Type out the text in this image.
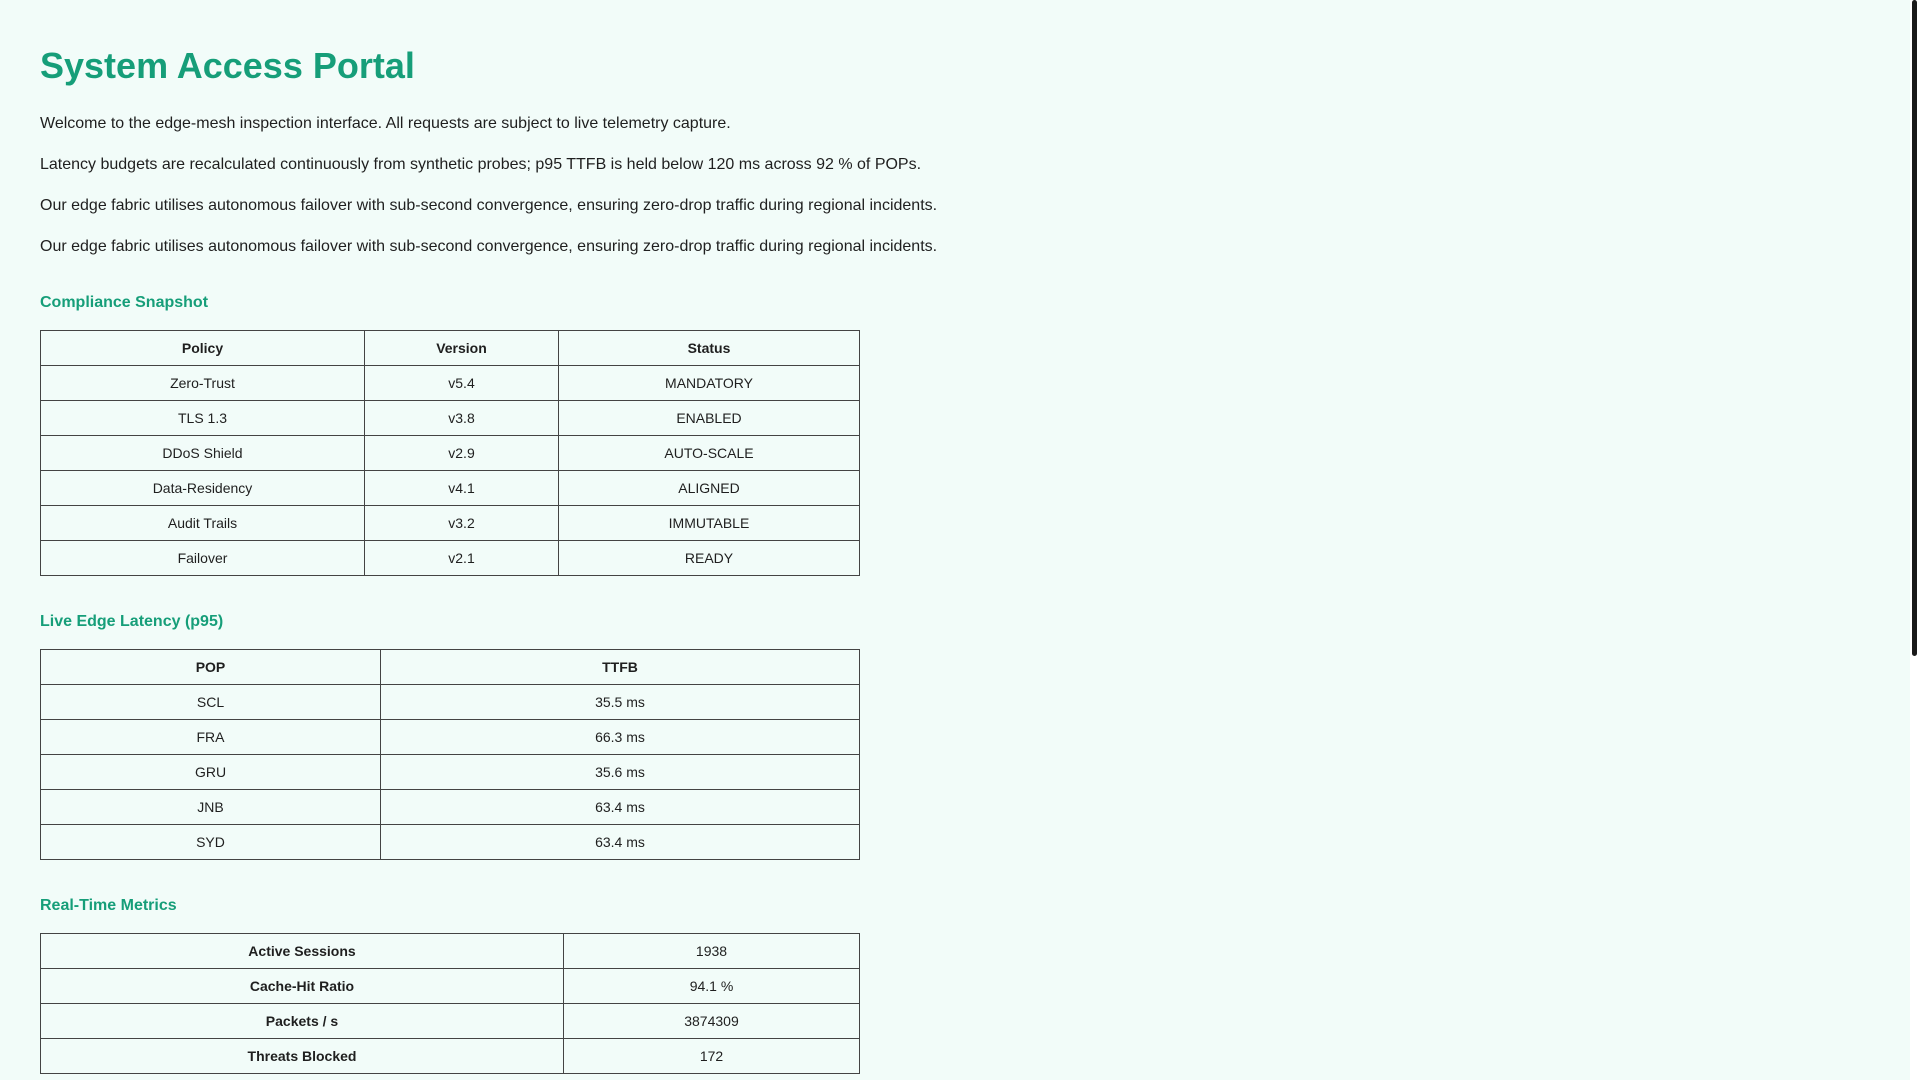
System Access Portal

Welcome to the edge-mesh inspection interface. All requests are subject to live telemetry capture.

Latency budgets are recalculated continuously from synthetic probes; p95 TTFB is held below 120 ms across 92 % of POPs.

Our edge fabric utilises autonomous failover with sub-second convergence, ensuring zero-drop traffic during regional incidents.

Our edge fabric utilises autonomous failover with sub-second convergence, ensuring zero-drop traffic during regional incidents.

Compliance Snapshot
Policy	Version	Status
Zero-Trust	v5.4	MANDATORY
TLS 1.3	v3.8	ENABLED
DDoS Shield	v2.9	AUTO-SCALE
Data-Residency	v4.1	ALIGNED
Audit Trails	v3.2	IMMUTABLE
Failover	v2.1	READY
Live Edge Latency (p95)
POP	TTFB
SCL	35.5 ms
FRA	66.3 ms
GRU	35.6 ms
JNB	63.4 ms
SYD	63.4 ms
Real-Time Metrics
Active Sessions	1938
Cache-Hit Ratio	94.1 %
Packets / s	3874309
Threats Blocked	172
